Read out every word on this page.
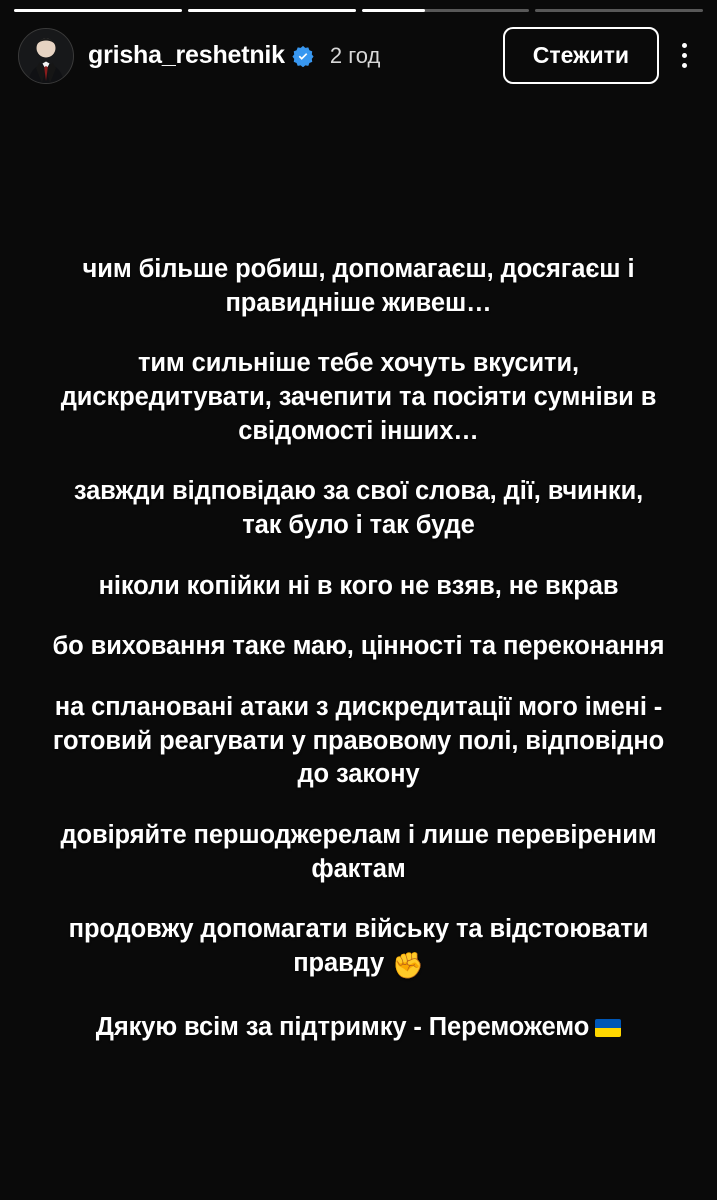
grisha_reshetnik 2 год	Стежити

чим більше робиш, допомагаєш, досягаєш і правидніше живеш…

тим сильніше тебе хочуть вкусити, дискредитувати, зачепити та посіяти сумніви в свідомості інших…

завжди відповідаю за свої слова, дії, вчинки, так було і так буде

ніколи копійки ні в кого не взяв, не вкрав

бо виховання таке маю, цінності та переконання

на сплановані атаки з дискредитації мого імені - готовий реагувати у правовому полі, відповідно до закону

довіряйте першоджерелам і лише перевіреним фактам

продовжу допомагати війську та відстоювати правду ✊

Дякую всім за підтримку - Переможемо
